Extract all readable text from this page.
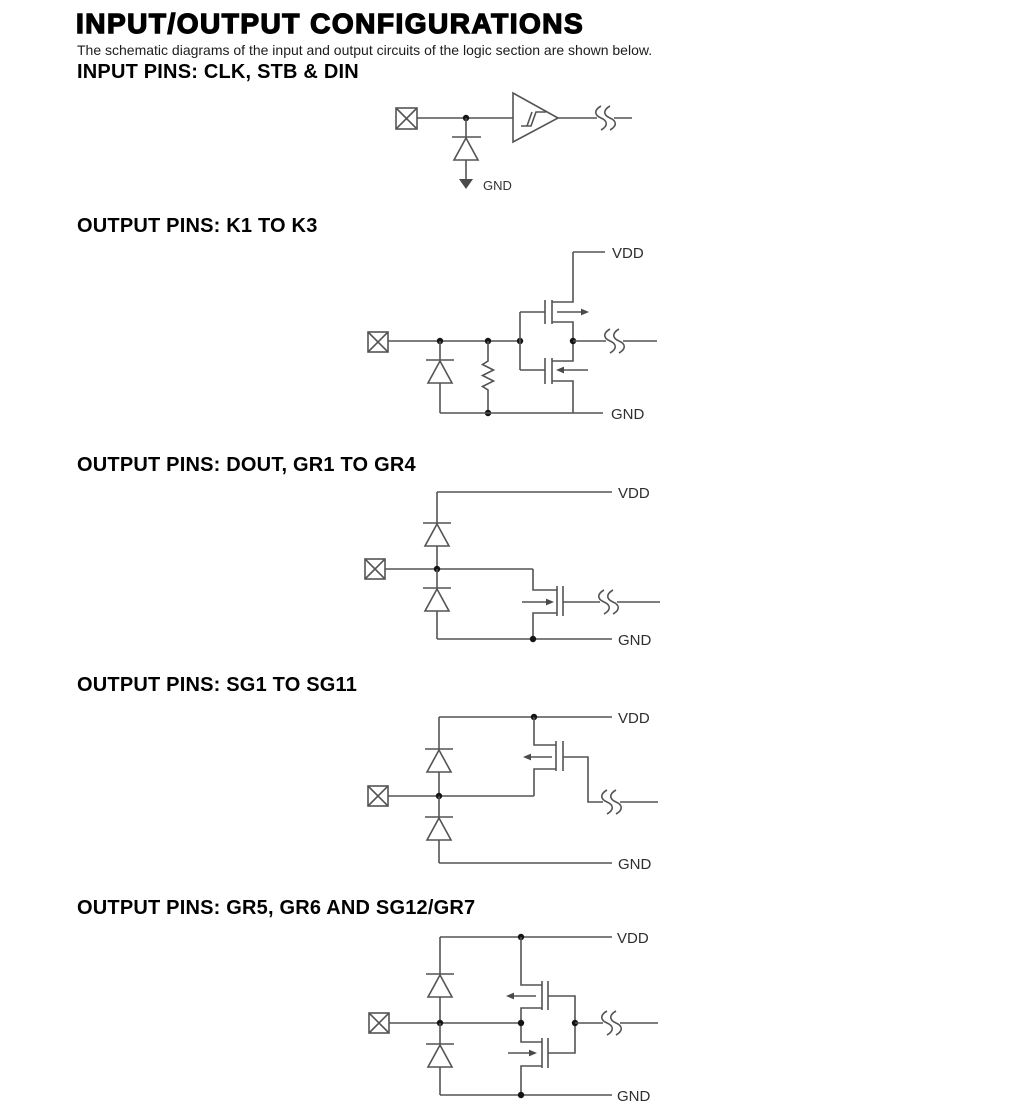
INPUT/OUTPUT CONFIGURATIONS

The schematic diagrams of the input and output circuits of the logic section are shown below.

INPUT PINS: CLK, STB & DIN
OUTPUT PINS: K1 TO K3
OUTPUT PINS: DOUT, GR1 TO GR4
OUTPUT PINS: SG1 TO SG11
OUTPUT PINS: GR5, GR6 AND SG12/GR7
GND
VDD
GND
VDD
GND
VDD
GND
VDD
GND
